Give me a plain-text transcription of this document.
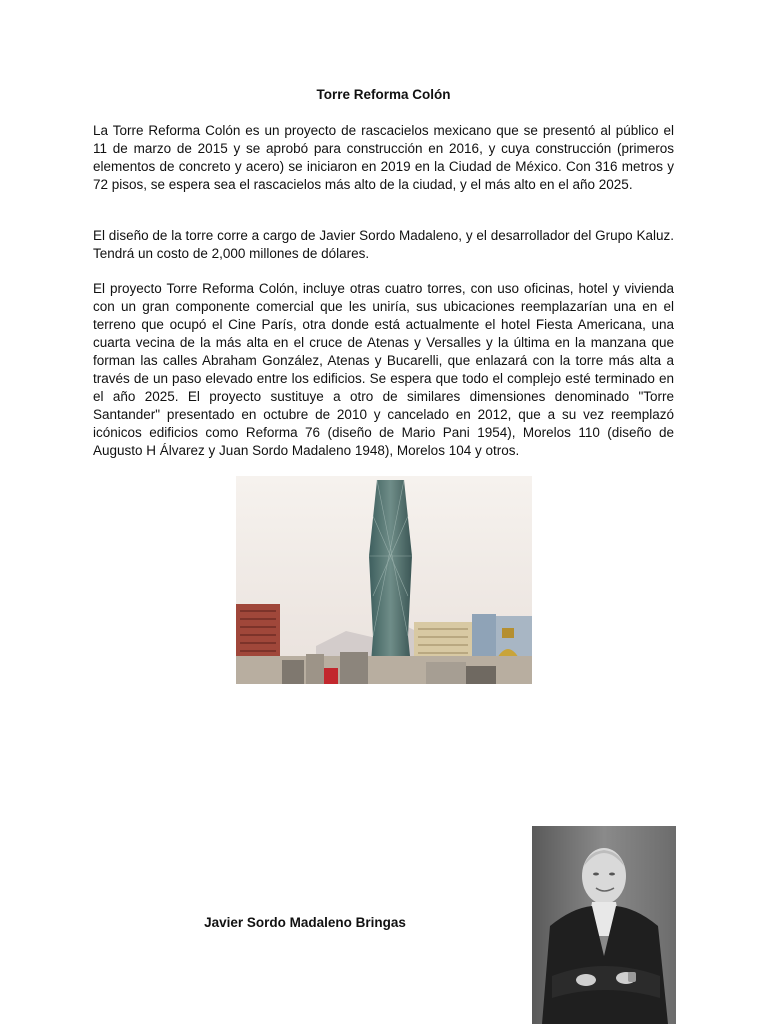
Torre Reforma Colón

La Torre Reforma Colón es un proyecto de rascacielos mexicano que se presentó al público el 11 de marzo de 2015 y se aprobó para construcción en 2016, y cuya construcción (primeros elementos de concreto y acero) se iniciaron en 2019 en la Ciudad de México. Con 316 metros y 72 pisos, se espera sea el rascacielos más alto de la ciudad, y el más alto en el año 2025.

El diseño de la torre corre a cargo de Javier Sordo Madaleno, y el desarrollador del Grupo Kaluz. Tendrá un costo de 2,000 millones de dólares.

El proyecto Torre Reforma Colón, incluye otras cuatro torres, con uso oficinas, hotel y vivienda con un gran componente comercial que les uniría, sus ubicaciones reemplazarían una en el terreno que ocupó el Cine París, otra donde está actualmente el hotel Fiesta Americana, una cuarta vecina de la más alta en el cruce de Atenas y Versalles y la última en la manzana que forman las calles Abraham González, Atenas y Bucarelli, que enlazará con la torre más alta a través de un paso elevado entre los edificios. Se espera que todo el complejo esté terminado en el año 2025. El proyecto sustituye a otro de similares dimensiones denominado "Torre Santander" presentado en octubre de 2010 y cancelado en 2012, que a su vez reemplazó icónicos edificios como Reforma 76 (diseño de Mario Pani 1954), Morelos 110 (diseño de Augusto H Álvarez y Juan Sordo Madaleno 1948), Morelos 104 y otros.

Javier Sordo Madaleno Bringas
